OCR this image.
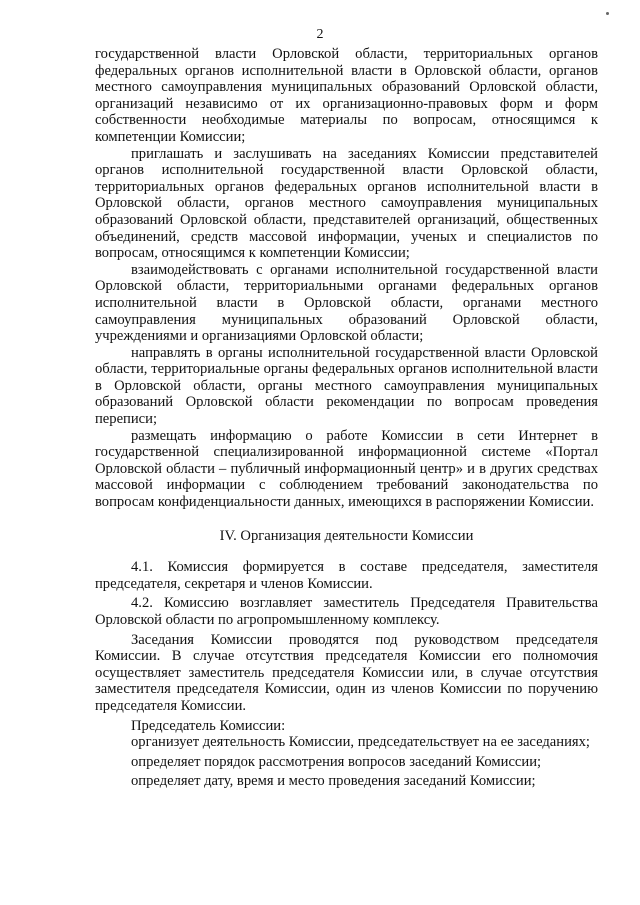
2

государственной власти Орловской области, территориальных органов федеральных органов исполнительной власти в Орловской области, органов местного самоуправления муниципальных образований Орловской области, организаций независимо от их организационно-правовых форм и форм собственности необходимые материалы по вопросам, относящимся к компетенции Комиссии;

приглашать и заслушивать на заседаниях Комиссии представителей органов исполнительной государственной власти Орловской области, территориальных органов федеральных органов исполнительной власти в Орловской области, органов местного самоуправления муниципальных образований Орловской области, представителей организаций, общественных объединений, средств массовой информации, ученых и специалистов по вопросам, относящимся к компетенции Комиссии;

взаимодействовать с органами исполнительной государственной власти Орловской области, территориальными органами федеральных органов исполнительной власти в Орловской области, органами местного самоуправления муниципальных образований Орловской области, учреждениями и организациями Орловской области;

направлять в органы исполнительной государственной власти Орловской области, территориальные органы федеральных органов исполнительной власти в Орловской области, органы местного самоуправления муниципальных образований Орловской области рекомендации по вопросам проведения переписи;

размещать информацию о работе Комиссии в сети Интернет в государственной специализированной информационной системе «Портал Орловской области – публичный информационный центр» и в других средствах массовой информации с соблюдением требований законодательства по вопросам конфиденциальности данных, имеющихся в распоряжении Комиссии.

IV. Организация деятельности Комиссии

4.1. Комиссия формируется в составе председателя, заместителя председателя, секретаря и членов Комиссии.

4.2. Комиссию возглавляет заместитель Председателя Правительства Орловской области по агропромышленному комплексу.

Заседания Комиссии проводятся под руководством председателя Комиссии. В случае отсутствия председателя Комиссии его полномочия осуществляет заместитель председателя Комиссии или, в случае отсутствия заместителя председателя Комиссии, один из членов Комиссии по поручению председателя Комиссии.

Председатель Комиссии:

организует деятельность Комиссии, председательствует на ее заседаниях;

определяет порядок рассмотрения вопросов заседаний Комиссии;

определяет дату, время и место проведения заседаний Комиссии;
